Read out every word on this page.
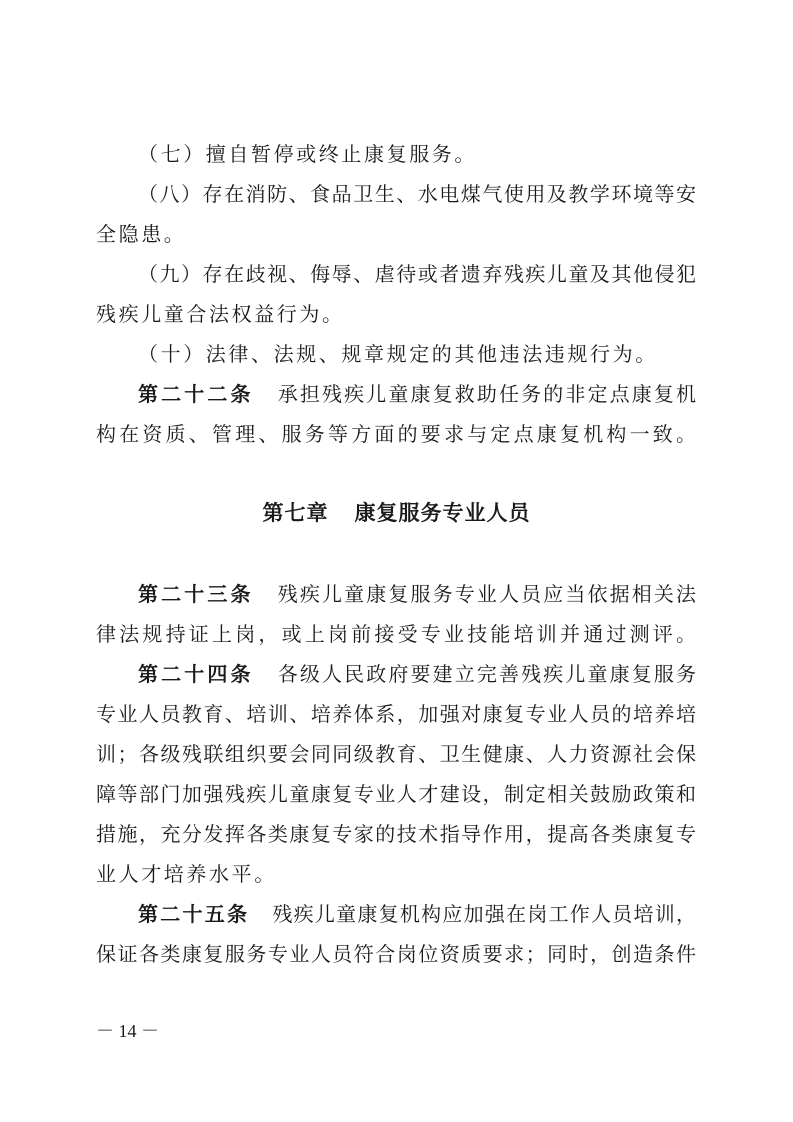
（七）擅自暂停或终止康复服务。

（八）存在消防、食品卫生、水电煤气使用及教学环境等安

全隐患。

（九）存在歧视、侮辱、虐待或者遗弃残疾儿童及其他侵犯

残疾儿童合法权益行为。

（十）法律、法规、规章规定的其他违法违规行为。

第二十二条 承担残疾儿童康复救助任务的非定点康复机

构在资质、管理、服务等方面的要求与定点康复机构一致。

第七章 康复服务专业人员

第二十三条 残疾儿童康复服务专业人员应当依据相关法

律法规持证上岗，或上岗前接受专业技能培训并通过测评。

第二十四条 各级人民政府要建立完善残疾儿童康复服务

专业人员教育、培训、培养体系，加强对康复专业人员的培养培

训；各级残联组织要会同同级教育、卫生健康、人力资源社会保

障等部门加强残疾儿童康复专业人才建设，制定相关鼓励政策和

措施，充分发挥各类康复专家的技术指导作用，提高各类康复专

业人才培养水平。

第二十五条 残疾儿童康复机构应加强在岗工作人员培训，

保证各类康复服务专业人员符合岗位资质要求；同时，创造条件

－ 14 －
